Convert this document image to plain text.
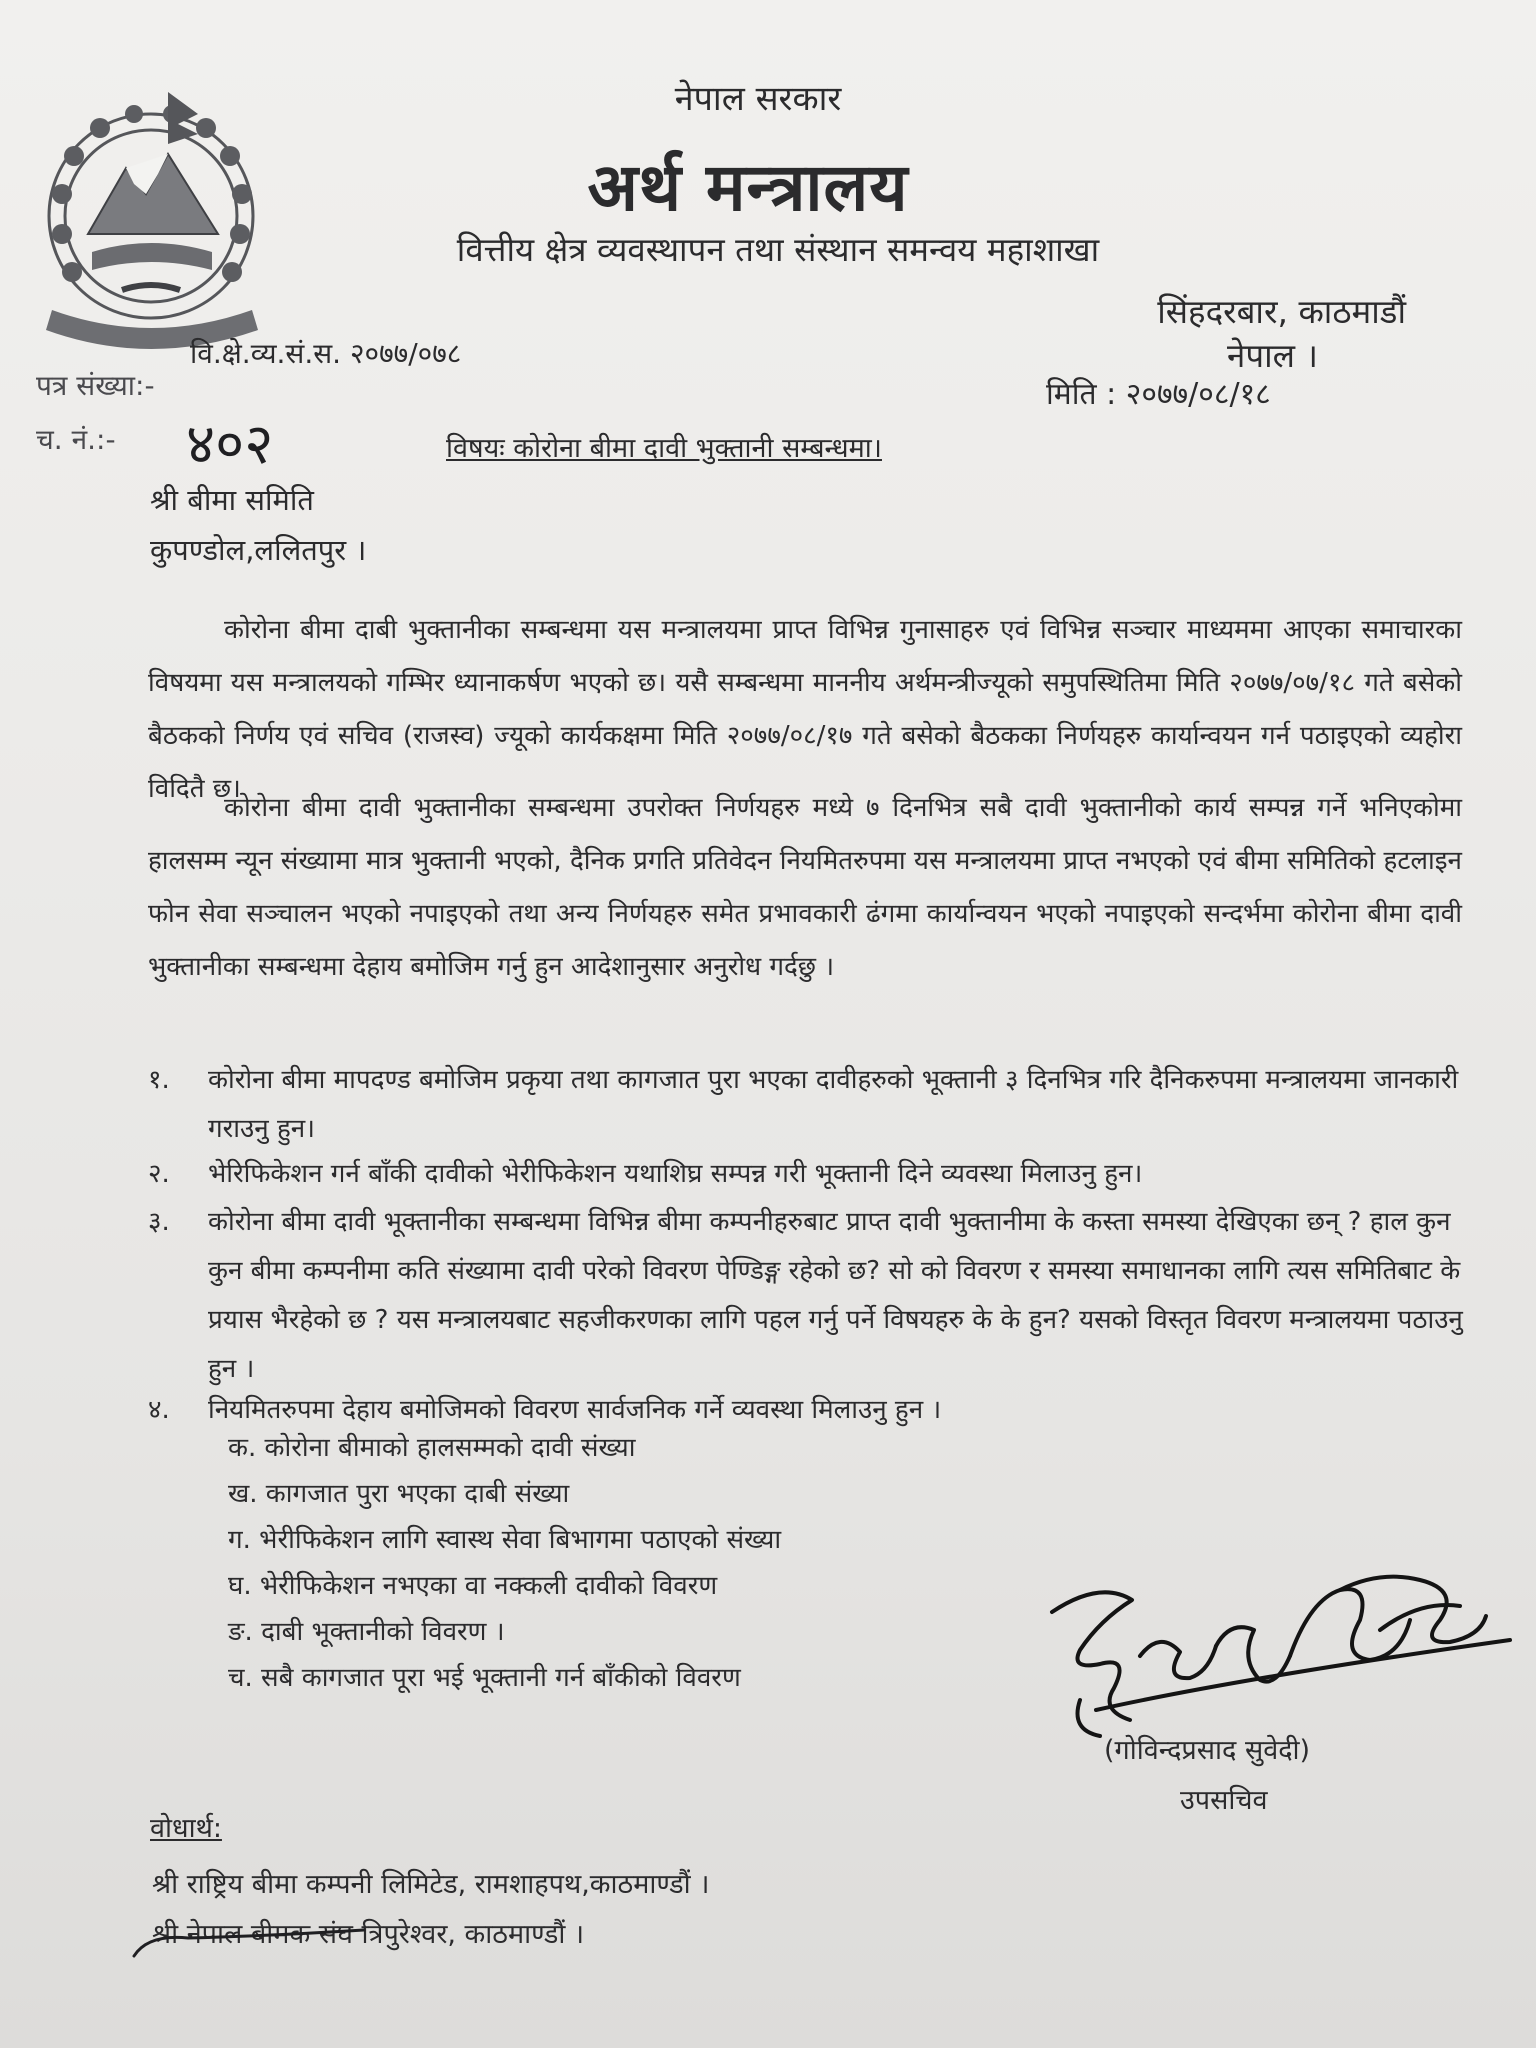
नेपाल सरकार
अर्थ मन्त्रालय
वित्तीय क्षेत्र व्यवस्थापन तथा संस्थान समन्वय महाशाखा
सिंहदरबार, काठमाडौं
नेपाल ।
वि.क्षे.व्य.सं.स. २०७७/०७८
पत्र संख्या:-	मिति : २०७७/०८/१८
च. नं.:- ४०२	विषयः कोरोना बीमा दावी भुक्तानी सम्बन्धमा।
श्री बीमा समिति
कुपण्डोल,ललितपुर ।
कोरोना बीमा दाबी भुक्तानीका सम्बन्धमा यस मन्त्रालयमा प्राप्त विभिन्न गुनासाहरु एवं विभिन्न सञ्चार माध्यममा आएका समाचारका विषयमा यस मन्त्रालयको गम्भिर ध्यानाकर्षण भएको छ। यसै सम्बन्धमा माननीय अर्थमन्त्रीज्यूको समुपस्थितिमा मिति २०७७/०७/१८ गते बसेको बैठकको निर्णय एवं सचिव (राजस्व) ज्यूको कार्यकक्षमा मिति २०७७/०८/१७ गते बसेको बैठकका निर्णयहरु कार्यान्वयन गर्न पठाइएको व्यहोरा विदितै छ।
कोरोना बीमा दावी भुक्तानीका सम्बन्धमा उपरोक्त निर्णयहरु मध्ये ७ दिनभित्र सबै दावी भुक्तानीको कार्य सम्पन्न गर्ने भनिएकोमा हालसम्म न्यून संख्यामा मात्र भुक्तानी भएको, दैनिक प्रगति प्रतिवेदन नियमितरुपमा यस मन्त्रालयमा प्राप्त नभएको एवं बीमा समितिको हटलाइन फोन सेवा सञ्चालन भएको नपाइएको तथा अन्य निर्णयहरु समेत प्रभावकारी ढंगमा कार्यान्वयन भएको नपाइएको सन्दर्भमा कोरोना बीमा दावी भुक्तानीका सम्बन्धमा देहाय बमोजिम गर्नु हुन आदेशानुसार अनुरोध गर्दछु ।
१. कोरोना बीमा मापदण्ड बमोजिम प्रकृया तथा कागजात पुरा भएका दावीहरुको भूक्तानी ३ दिनभित्र गरि दैनिकरुपमा मन्त्रालयमा जानकारी गराउनु हुन।
२. भेरिफिकेशन गर्न बाँकी दावीको भेरीफिकेशन यथाशिघ्र सम्पन्न गरी भूक्तानी दिने व्यवस्था मिलाउनु हुन।
३. कोरोना बीमा दावी भूक्तानीका सम्बन्धमा विभिन्न बीमा कम्पनीहरुबाट प्राप्त दावी भुक्तानीमा के कस्ता समस्या देखिएका छन् ? हाल कुन कुन बीमा कम्पनीमा कति संख्यामा दावी परेको विवरण पेण्डिङ्ग रहेको छ? सो को विवरण र समस्या समाधानका लागि त्यस समितिबाट के प्रयास भैरहेको छ ? यस मन्त्रालयबाट सहजीकरणका लागि पहल गर्नु पर्ने विषयहरु के के हुन? यसको विस्तृत विवरण मन्त्रालयमा पठाउनु हुन ।
४. नियमितरुपमा देहाय बमोजिमको विवरण सार्वजनिक गर्ने व्यवस्था मिलाउनु हुन ।
क. कोरोना बीमाको हालसम्मको दावी संख्या
ख. कागजात पुरा भएका दाबी संख्या
ग. भेरीफिकेशन लागि स्वास्थ सेवा बिभागमा पठाएको संख्या
घ. भेरीफिकेशन नभएका वा नक्कली दावीको विवरण
ङ. दाबी भूक्तानीको विवरण ।
च. सबै कागजात पूरा भई भूक्तानी गर्न बाँकीको विवरण
(गोविन्दप्रसाद सुवेदी)
उपसचिव
वोधार्थ:
श्री राष्ट्रिय बीमा कम्पनी लिमिटेड, रामशाहपथ,काठमाण्डौं ।
श्री नेपाल बीमक संघ त्रिपुरेश्वर, काठमाण्डौं ।
